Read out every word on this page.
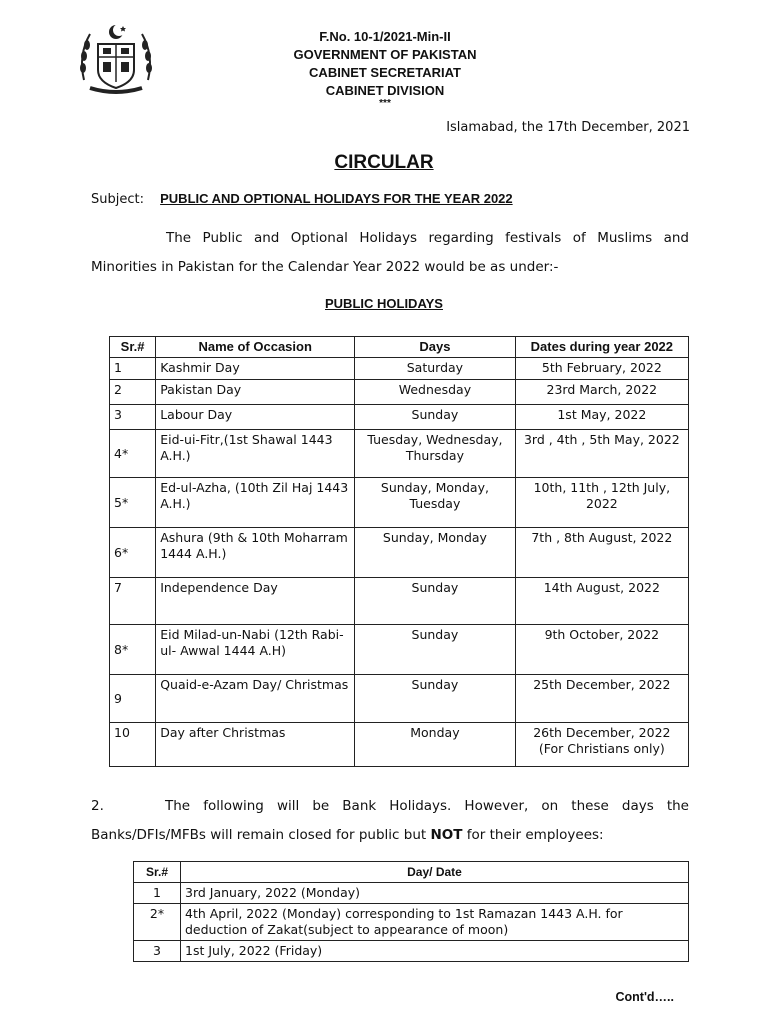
F.No. 10-1/2021-Min-II
GOVERNMENT OF PAKISTAN
CABINET SECRETARIAT
CABINET DIVISION
***
Islamabad, the 17th December, 2021
CIRCULAR
Subject: PUBLIC AND OPTIONAL HOLIDAYS FOR THE YEAR 2022
The Public and Optional Holidays regarding festivals of Muslims and Minorities in Pakistan for the Calendar Year 2022 would be as under:-
PUBLIC HOLIDAYS
Sr.#	Name of Occasion	Days	Dates during year 2022
1	Kashmir Day	Saturday	5th February, 2022

2	Pakistan Day	Wednesday	23rd March, 2022

3	Labour Day	Sunday	1st May, 2022

4*	Eid-ui-Fitr,(1st Shawal 1443 A.H.)	Tuesday, Wednesday, Thursday	3rd , 4th , 5th May, 2022

5*	Ed-ul-Azha, (10th Zil Haj 1443 A.H.)	Sunday, Monday, Tuesday	10th, 11th , 12th July, 2022

6*	Ashura (9th & 10th Moharram 1444 A.H.)	Sunday, Monday	7th , 8th August, 2022

7	Independence Day	Sunday	14th August, 2022

8*	Eid Milad-un-Nabi (12th Rabi-ul- Awwal 1444 A.H)	Sunday	9th October, 2022

9	Quaid-e-Azam Day/ Christmas	Sunday	25th December, 2022

10	Day after Christmas	Monday	26th December, 2022
(For Christians only)
2.	The following will be Bank Holidays. However, on these days the Banks/DFIs/MFBs will remain closed for public but NOT for their employees:
Sr.#	Day/ Date
1	3rd January, 2022 (Monday)
2*	4th April, 2022 (Monday) corresponding to 1st Ramazan 1443 A.H. for deduction of Zakat(subject to appearance of moon)
3	1st July, 2022 (Friday)
Cont'd…..
